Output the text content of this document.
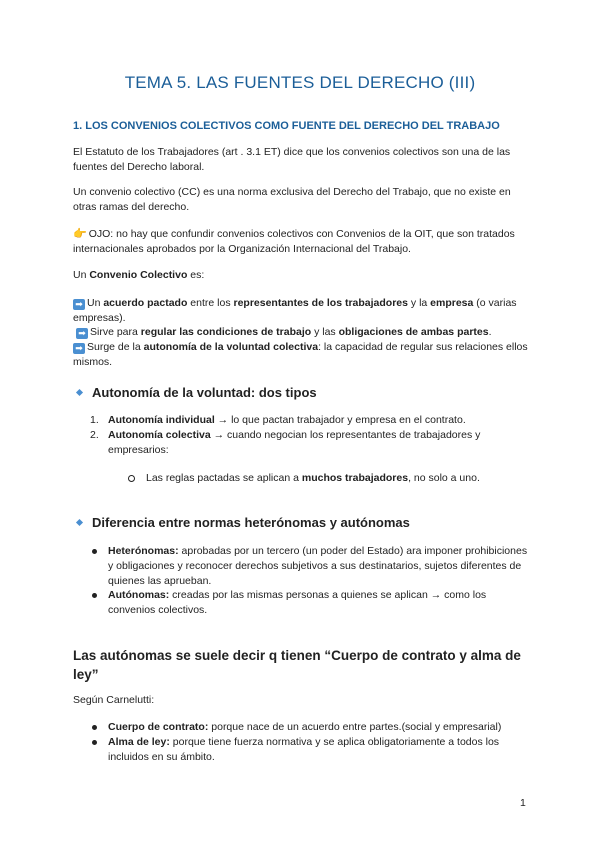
TEMA 5. LAS FUENTES DEL DERECHO (III)
1. LOS CONVENIOS COLECTIVOS COMO FUENTE DEL DERECHO DEL TRABAJO
El Estatuto de los Trabajadores (art . 3.1 ET) dice que los convenios colectivos son una de las fuentes del Derecho laboral.
Un convenio colectivo (CC) es una norma exclusiva del Derecho del Trabajo, que no existe en otras ramas del derecho.
👉 OJO: no hay que confundir convenios colectivos con Convenios de la OIT, que son tratados internacionales aprobados por la Organización Internacional del Trabajo.
Un Convenio Colectivo es:
➡ Un acuerdo pactado entre los representantes de los trabajadores y la empresa (o varias empresas).
➡ Sirve para regular las condiciones de trabajo y las obligaciones de ambas partes.
➡ Surge de la autonomía de la voluntad colectiva: la capacidad de regular sus relaciones ellos mismos.
Autonomía de la voluntad: dos tipos
1. Autonomía individual → lo que pactan trabajador y empresa en el contrato.
2. Autonomía colectiva → cuando negocian los representantes de trabajadores y empresarios:
Las reglas pactadas se aplican a muchos trabajadores, no solo a uno.
Diferencia entre normas heterónomas y autónomas
Heterónomas: aprobadas por un tercero (un poder del Estado) ara imponer prohibiciones y obligaciones y reconocer derechos subjetivos a sus destinatarios, sujetos diferentes de quienes las aprueban.
Autónomas: creadas por las mismas personas a quienes se aplican → como los convenios colectivos.
Las autónomas se suele decir q tienen “Cuerpo de contrato y alma de ley”
Según Carnelutti:
Cuerpo de contrato: porque nace de un acuerdo entre partes.(social y empresarial)
Alma de ley: porque tiene fuerza normativa y se aplica obligatoriamente a todos los incluidos en su ámbito.
1
